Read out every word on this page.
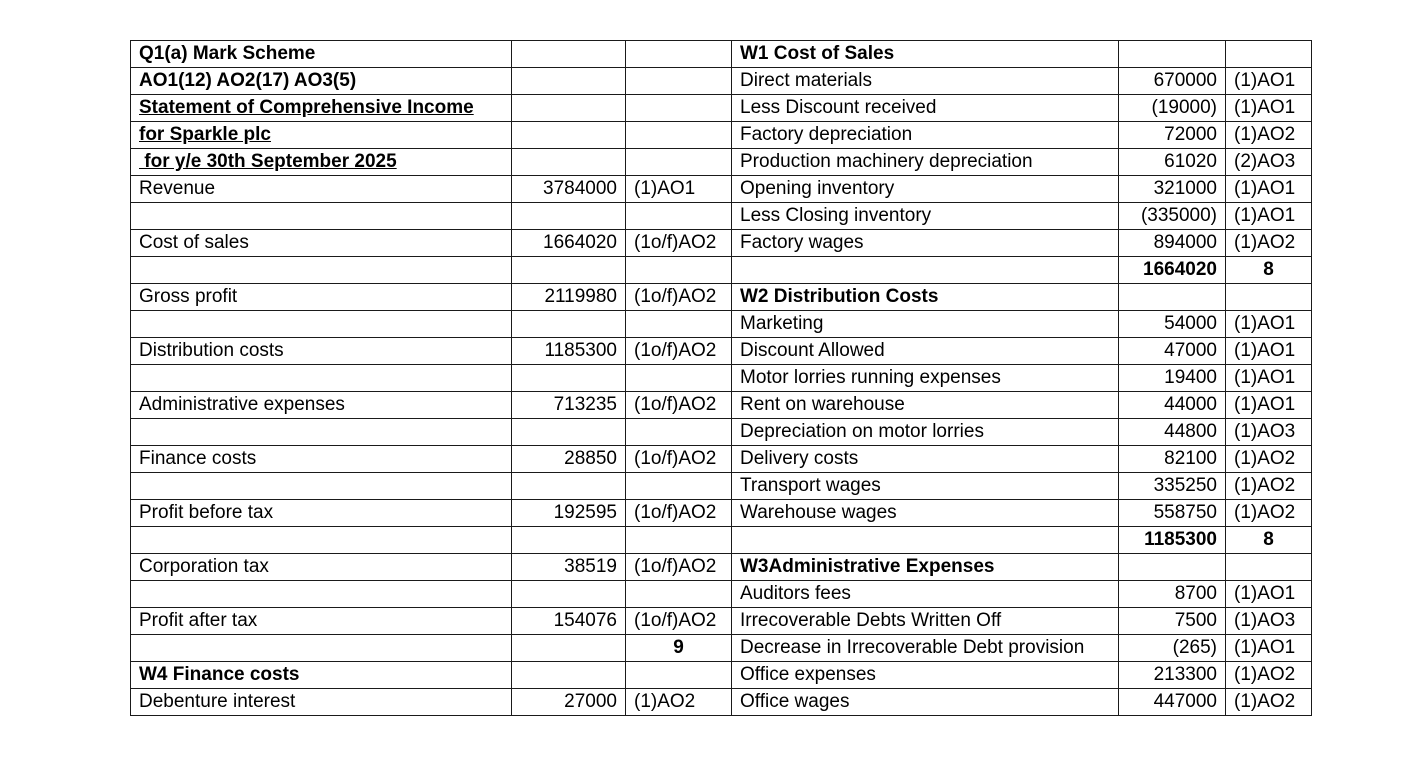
Q1(a) Mark Scheme			W1 Cost of Sales		
AO1(12) AO2(17) AO3(5)			Direct materials	670000	(1)AO1
Statement of Comprehensive Income			Less Discount received	(19000)	(1)AO1
for Sparkle plc			Factory depreciation	72000	(1)AO2
for y/e 30th September 2025			Production machinery depreciation	61020	(2)AO3
Revenue	3784000	(1)AO1	Opening inventory	321000	(1)AO1
			Less Closing inventory	(335000)	(1)AO1
Cost of sales	1664020	(1o/f)AO2	Factory wages	894000	(1)AO2
				1664020	8
Gross profit	2119980	(1o/f)AO2	W2 Distribution Costs		
			Marketing	54000	(1)AO1
Distribution costs	1185300	(1o/f)AO2	Discount Allowed	47000	(1)AO1
			Motor lorries running expenses	19400	(1)AO1
Administrative expenses	713235	(1o/f)AO2	Rent on warehouse	44000	(1)AO1
			Depreciation on motor lorries	44800	(1)AO3
Finance costs	28850	(1o/f)AO2	Delivery costs	82100	(1)AO2
			Transport wages	335250	(1)AO2
Profit before tax	192595	(1o/f)AO2	Warehouse wages	558750	(1)AO2
				1185300	8
Corporation tax	38519	(1o/f)AO2	W3Administrative Expenses		
			Auditors fees	8700	(1)AO1
Profit after tax	154076	(1o/f)AO2	Irrecoverable Debts Written Off	7500	(1)AO3
		9	Decrease in Irrecoverable Debt provision	(265)	(1)AO1
W4 Finance costs			Office expenses	213300	(1)AO2
Debenture interest	27000	(1)AO2	Office wages	447000	(1)AO2
